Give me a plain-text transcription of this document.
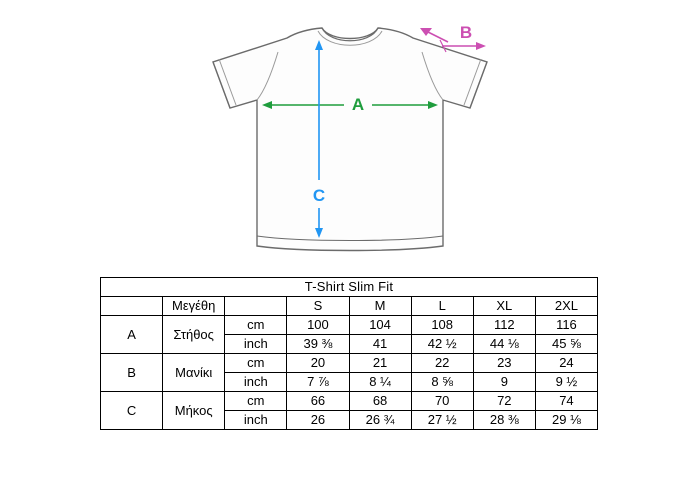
A
B
C
T-Shirt Slim Fit							
	Μεγέθη		S	M	L	XL	2XL
A	Στήθος	cm	100	104	108	112	116
		inch	39 ⅜	41	42 ½	44 ⅛	45 ⅝
B	Μανίκι	cm	20	21	22	23	24
		inch	7 ⅞	8 ¼	8 ⅝	9	9 ½
C	Μήκος	cm	66	68	70	72	74
		inch	26	26 ¾	27 ½	28 ⅜	29 ⅛
